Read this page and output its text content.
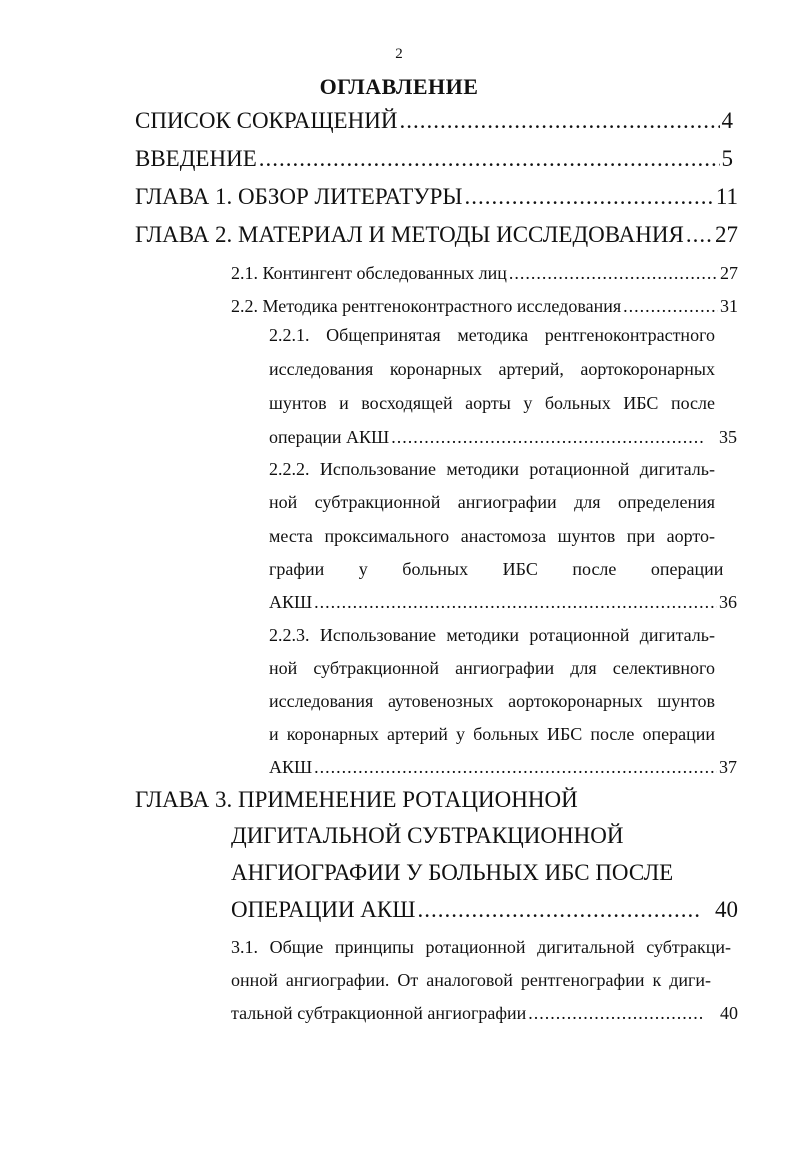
2
ОГЛАВЛЕНИЕ
СПИСОК СОКРАЩЕНИЙ .....	4
ВВЕДЕНИЕ .....	5
ГЛАВА 1. ОБЗОР ЛИТЕРАТУРЫ .....	11
ГЛАВА 2. МАТЕРИАЛ И МЕТОДЫ ИССЛЕДОВАНИЯ ..... 27
2.1. Контингент обследованных лиц .....	27
2.2. Методика рентгеноконтрастного исследования .....	31
2.2.1. Общепринятая методика рентгеноконтрастного
исследования коронарных артерий, аортокоронарных
шунтов и восходящей аорты у больных ИБС после
операции АКШ .....	35
2.2.2. Использование методики ротационной дигиталь-
ной субтракционной ангиографии для определения
места проксимального анастомоза шунтов при аорто-
графии у больных ИБС после операции
АКШ .....	36
2.2.3. Использование методики ротационной дигиталь-
ной субтракционной ангиографии для селективного
исследования аутовенозных аортокоронарных шунтов
и коронарных артерий у больных ИБС после операции
АКШ .....	37
ГЛАВА 3. ПРИМЕНЕНИЕ РОТАЦИОННОЙ
ДИГИТАЛЬНОЙ СУБТРАКЦИОННОЙ
АНГИОГРАФИИ У БОЛЬНЫХ ИБС ПОСЛЕ
ОПЕРАЦИИ АКШ .....	40
3.1. Общие принципы ротационной дигитальной субтракци-
онной ангиографии. От аналоговой рентгенографии к диги-
тальной субтракционной ангиографии .....	40
